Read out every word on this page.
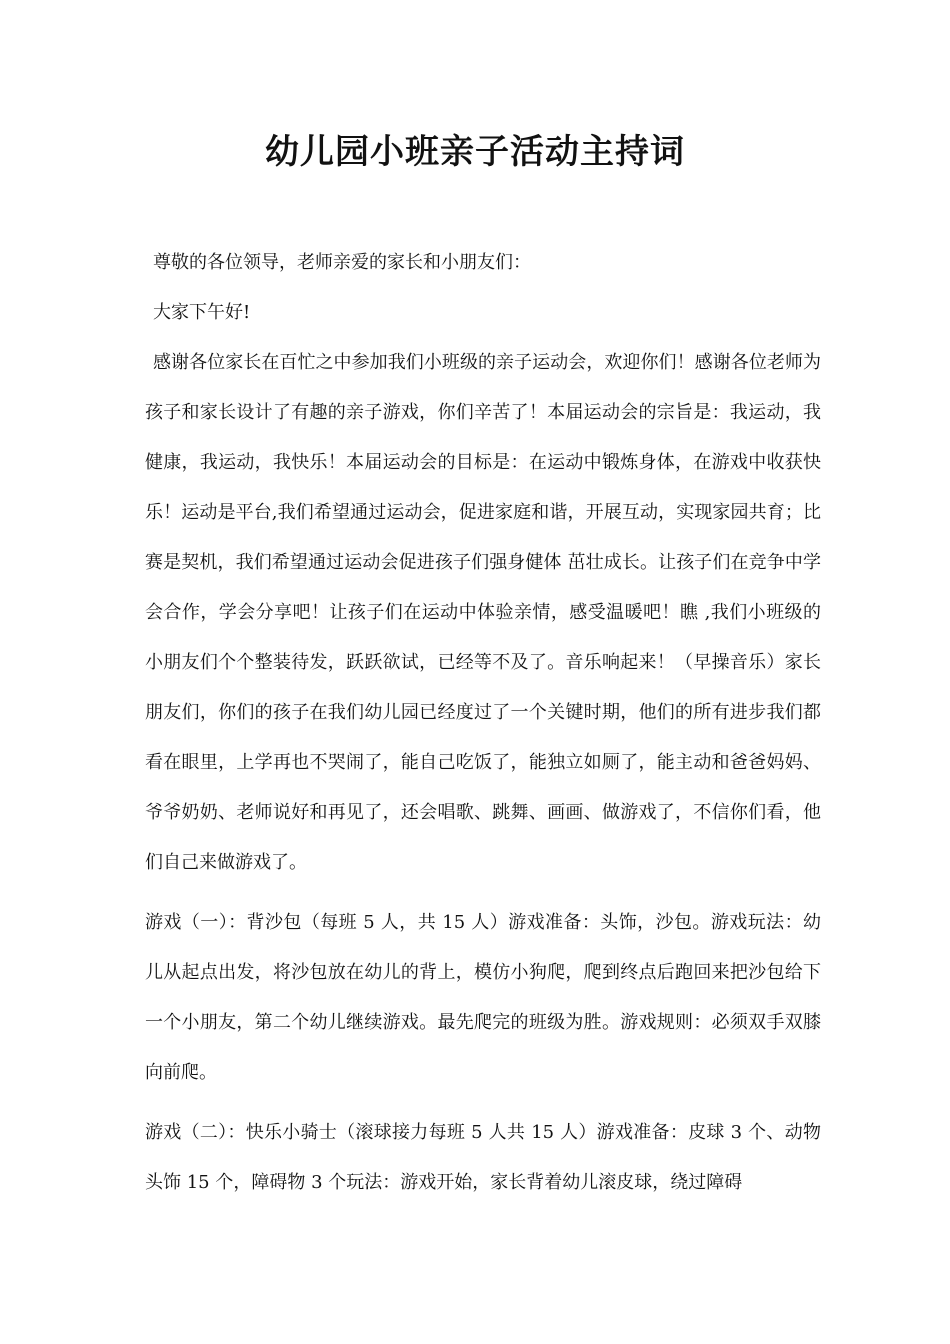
幼儿园小班亲子活动主持词

尊敬的各位领导，老师亲爱的家长和小朋友们：

大家下午好!

感谢各位家长在百忙之中参加我们小班级的亲子运动会，欢迎你们！感谢各位老师为孩子和家长设计了有趣的亲子游戏，你们辛苦了！本届运动会的宗旨是：我运动，我健康，我运动，我快乐！本届运动会的目标是：在运动中锻炼身体，在游戏中收获快乐！运动是平台,我们希望通过运动会，促进家庭和谐，开展互动，实现家园共育；比赛是契机，我们希望通过运动会促进孩子们强身健体 茁壮成长。让孩子们在竞争中学会合作，学会分享吧！让孩子们在运动中体验亲情，感受温暖吧！瞧 ,我们小班级的小朋友们个个整装待发，跃跃欲试，已经等不及了。音乐响起来！（早操音乐）家长朋友们，你们的孩子在我们幼儿园已经度过了一个关键时期，他们的所有进步我们都看在眼里，上学再也不哭闹了，能自己吃饭了，能独立如厕了，能主动和爸爸妈妈、爷爷奶奶、老师说好和再见了，还会唱歌、跳舞、画画、做游戏了，不信你们看，他们自己来做游戏了。

游戏（一）：背沙包（每班 5 人，共 15 人）游戏准备：头饰，沙包。游戏玩法：幼儿从起点出发，将沙包放在幼儿的背上，模仿小狗爬，爬到终点后跑回来把沙包给下一个小朋友，第二个幼儿继续游戏。最先爬完的班级为胜。游戏规则：必须双手双膝向前爬。

游戏（二）：快乐小骑士（滚球接力每班 5 人共 15 人）游戏准备：皮球 3 个、动物头饰 15 个，障碍物 3 个玩法：游戏开始，家长背着幼儿滚皮球，绕过障碍
